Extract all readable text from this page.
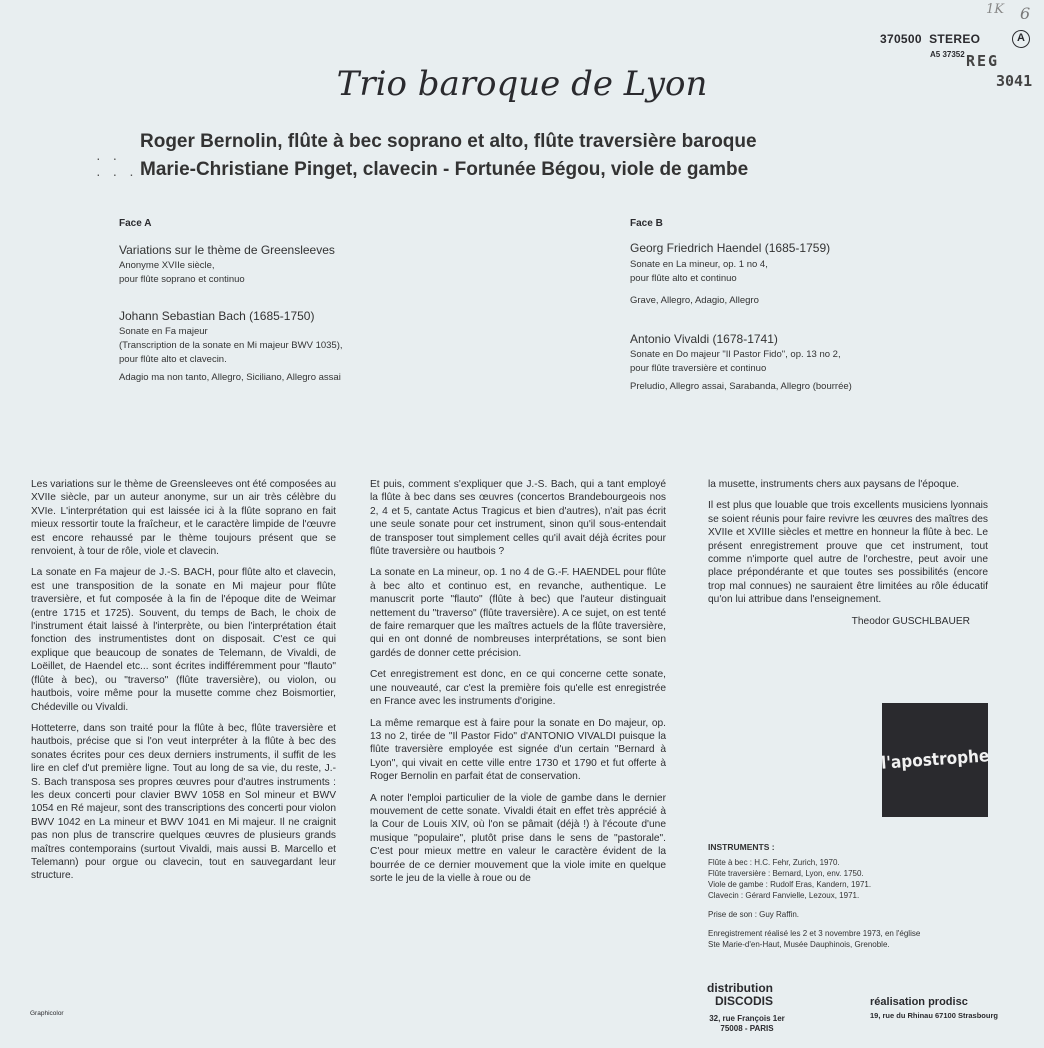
1K 6
370500 STEREO	A
A5 37352 REG
3041
Trio baroque de Lyon
· ·
· · ·
Roger Bernolin, flûte à bec soprano et alto, flûte traversière baroque
Marie-Christiane Pinget, clavecin - Fortunée Bégou, viole de gambe
Face A
Variations sur le thème de Greensleeves
Anonyme XVIIe siècle,
pour flûte soprano et continuo
Johann Sebastian Bach (1685-1750)
Sonate en Fa majeur
(Transcription de la sonate en Mi majeur BWV 1035),
pour flûte alto et clavecin.
Adagio ma non tanto, Allegro, Siciliano, Allegro assai
Face B
Georg Friedrich Haendel (1685-1759)
Sonate en La mineur, op. 1 no 4,
pour flûte alto et continuo
Grave, Allegro, Adagio, Allegro
Antonio Vivaldi (1678-1741)
Sonate en Do majeur "Il Pastor Fido", op. 13 no 2,
pour flûte traversière et continuo
Preludio, Allegro assai, Sarabanda, Allegro (bourrée)

Les variations sur le thème de Greensleeves ont été composées au XVIIe siècle, par un auteur anonyme, sur un air très célèbre du XVIe. L'interprétation qui est laissée ici à la flûte soprano en fait mieux ressortir toute la fraîcheur, et le caractère limpide de l'œuvre est encore rehaussé par le thème toujours présent que se renvoient, à tour de rôle, viole et clavecin.

La sonate en Fa majeur de J.-S. BACH, pour flûte alto et clavecin, est une transposition de la sonate en Mi majeur pour flûte traversière, et fut composée à la fin de l'époque dite de Weimar (entre 1715 et 1725). Souvent, du temps de Bach, le choix de l'instrument était laissé à l'interprète, ou bien l'interprétation était fonction des instrumentistes dont on disposait. C'est ce qui explique que beaucoup de sonates de Telemann, de Vivaldi, de Loëillet, de Haendel etc... sont écrites indifféremment pour "flauto" (flûte à bec), ou "traverso" (flûte traversière), ou violon, ou hautbois, voire même pour la musette comme chez Boismortier, Chédeville ou Vivaldi.

Hotteterre, dans son traité pour la flûte à bec, flûte traversière et hautbois, précise que si l'on veut interpréter à la flûte à bec des sonates écrites pour ces deux derniers instruments, il suffit de les lire en clef d'ut première ligne. Tout au long de sa vie, du reste, J.-S. Bach transposa ses propres œuvres pour d'autres instruments : les deux concerti pour clavier BWV 1058 en Sol mineur et BWV 1054 en Ré majeur, sont des transcriptions des concerti pour violon BWV 1042 en La mineur et BWV 1041 en Mi majeur. Il ne craignit pas non plus de transcrire quelques œuvres de plusieurs grands maîtres contemporains (surtout Vivaldi, mais aussi B. Marcello et Telemann) pour orgue ou clavecin, tout en sauvegardant leur structure.

Et puis, comment s'expliquer que J.-S. Bach, qui a tant employé la flûte à bec dans ses œuvres (concertos Brandebourgeois nos 2, 4 et 5, cantate Actus Tragicus et bien d'autres), n'ait pas écrit une seule sonate pour cet instrument, sinon qu'il sous-entendait de transposer tout simplement celles qu'il avait déjà écrites pour flûte traversière ou hautbois ?

La sonate en La mineur, op. 1 no 4 de G.-F. HAENDEL pour flûte à bec alto et continuo est, en revanche, authentique. Le manuscrit porte "flauto" (flûte à bec) que l'auteur distinguait nettement du "traverso" (flûte traversière). A ce sujet, on est tenté de faire remarquer que les maîtres actuels de la flûte traversière, qui en ont donné de nombreuses interprétations, se sont bien gardés de donner cette précision.

Cet enregistrement est donc, en ce qui concerne cette sonate, une nouveauté, car c'est la première fois qu'elle est enregistrée en France avec les instruments d'origine.

La même remarque est à faire pour la sonate en Do majeur, op. 13 no 2, tirée de "Il Pastor Fido" d'ANTONIO VIVALDI puisque la flûte traversière employée est signée d'un certain "Bernard à Lyon", qui vivait en cette ville entre 1730 et 1790 et fut offerte à Roger Bernolin en parfait état de conservation.

A noter l'emploi particulier de la viole de gambe dans le dernier mouvement de cette sonate. Vivaldi était en effet très apprécié à la Cour de Louis XIV, où l'on se pâmait (déjà !) à l'écoute d'une musique "populaire", plutôt prise dans le sens de "pastorale". C'est pour mieux mettre en valeur le caractère évident de la bourrée de ce dernier mouvement que la viole imite en quelque sorte le jeu de la vielle à roue ou de

la musette, instruments chers aux paysans de l'époque.

Il est plus que louable que trois excellents musiciens lyonnais se soient réunis pour faire revivre les œuvres des maîtres des XVIIe et XVIIIe siècles et mettre en honneur la flûte à bec. Le présent enregistrement prouve que cet instrument, tout comme n'importe quel autre de l'orchestre, peut avoir une place prépondérante et que toutes ses possibilités (encore trop mal connues) ne sauraient être limitées au rôle éducatif qu'on lui attribue dans l'enseignement.

Theodor GUSCHLBAUER

l'apostrophe
INSTRUMENTS :
Flûte à bec : H.C. Fehr, Zurich, 1970.
Flûte traversière : Bernard, Lyon, env. 1750.
Viole de gambe : Rudolf Eras, Kandern, 1971.
Clavecin : Gérard Fanvielle, Lezoux, 1971.
Prise de son : Guy Raffin.
Enregistrement réalisé les 2 et 3 novembre 1973, en l'église
Ste Marie-d'en-Haut, Musée Dauphinois, Grenoble.
distribution
DISCODIS
32, rue François 1er
75008 - PARIS
réalisation prodisc
19, rue du Rhinau 67100 Strasbourg
Graphicolor
